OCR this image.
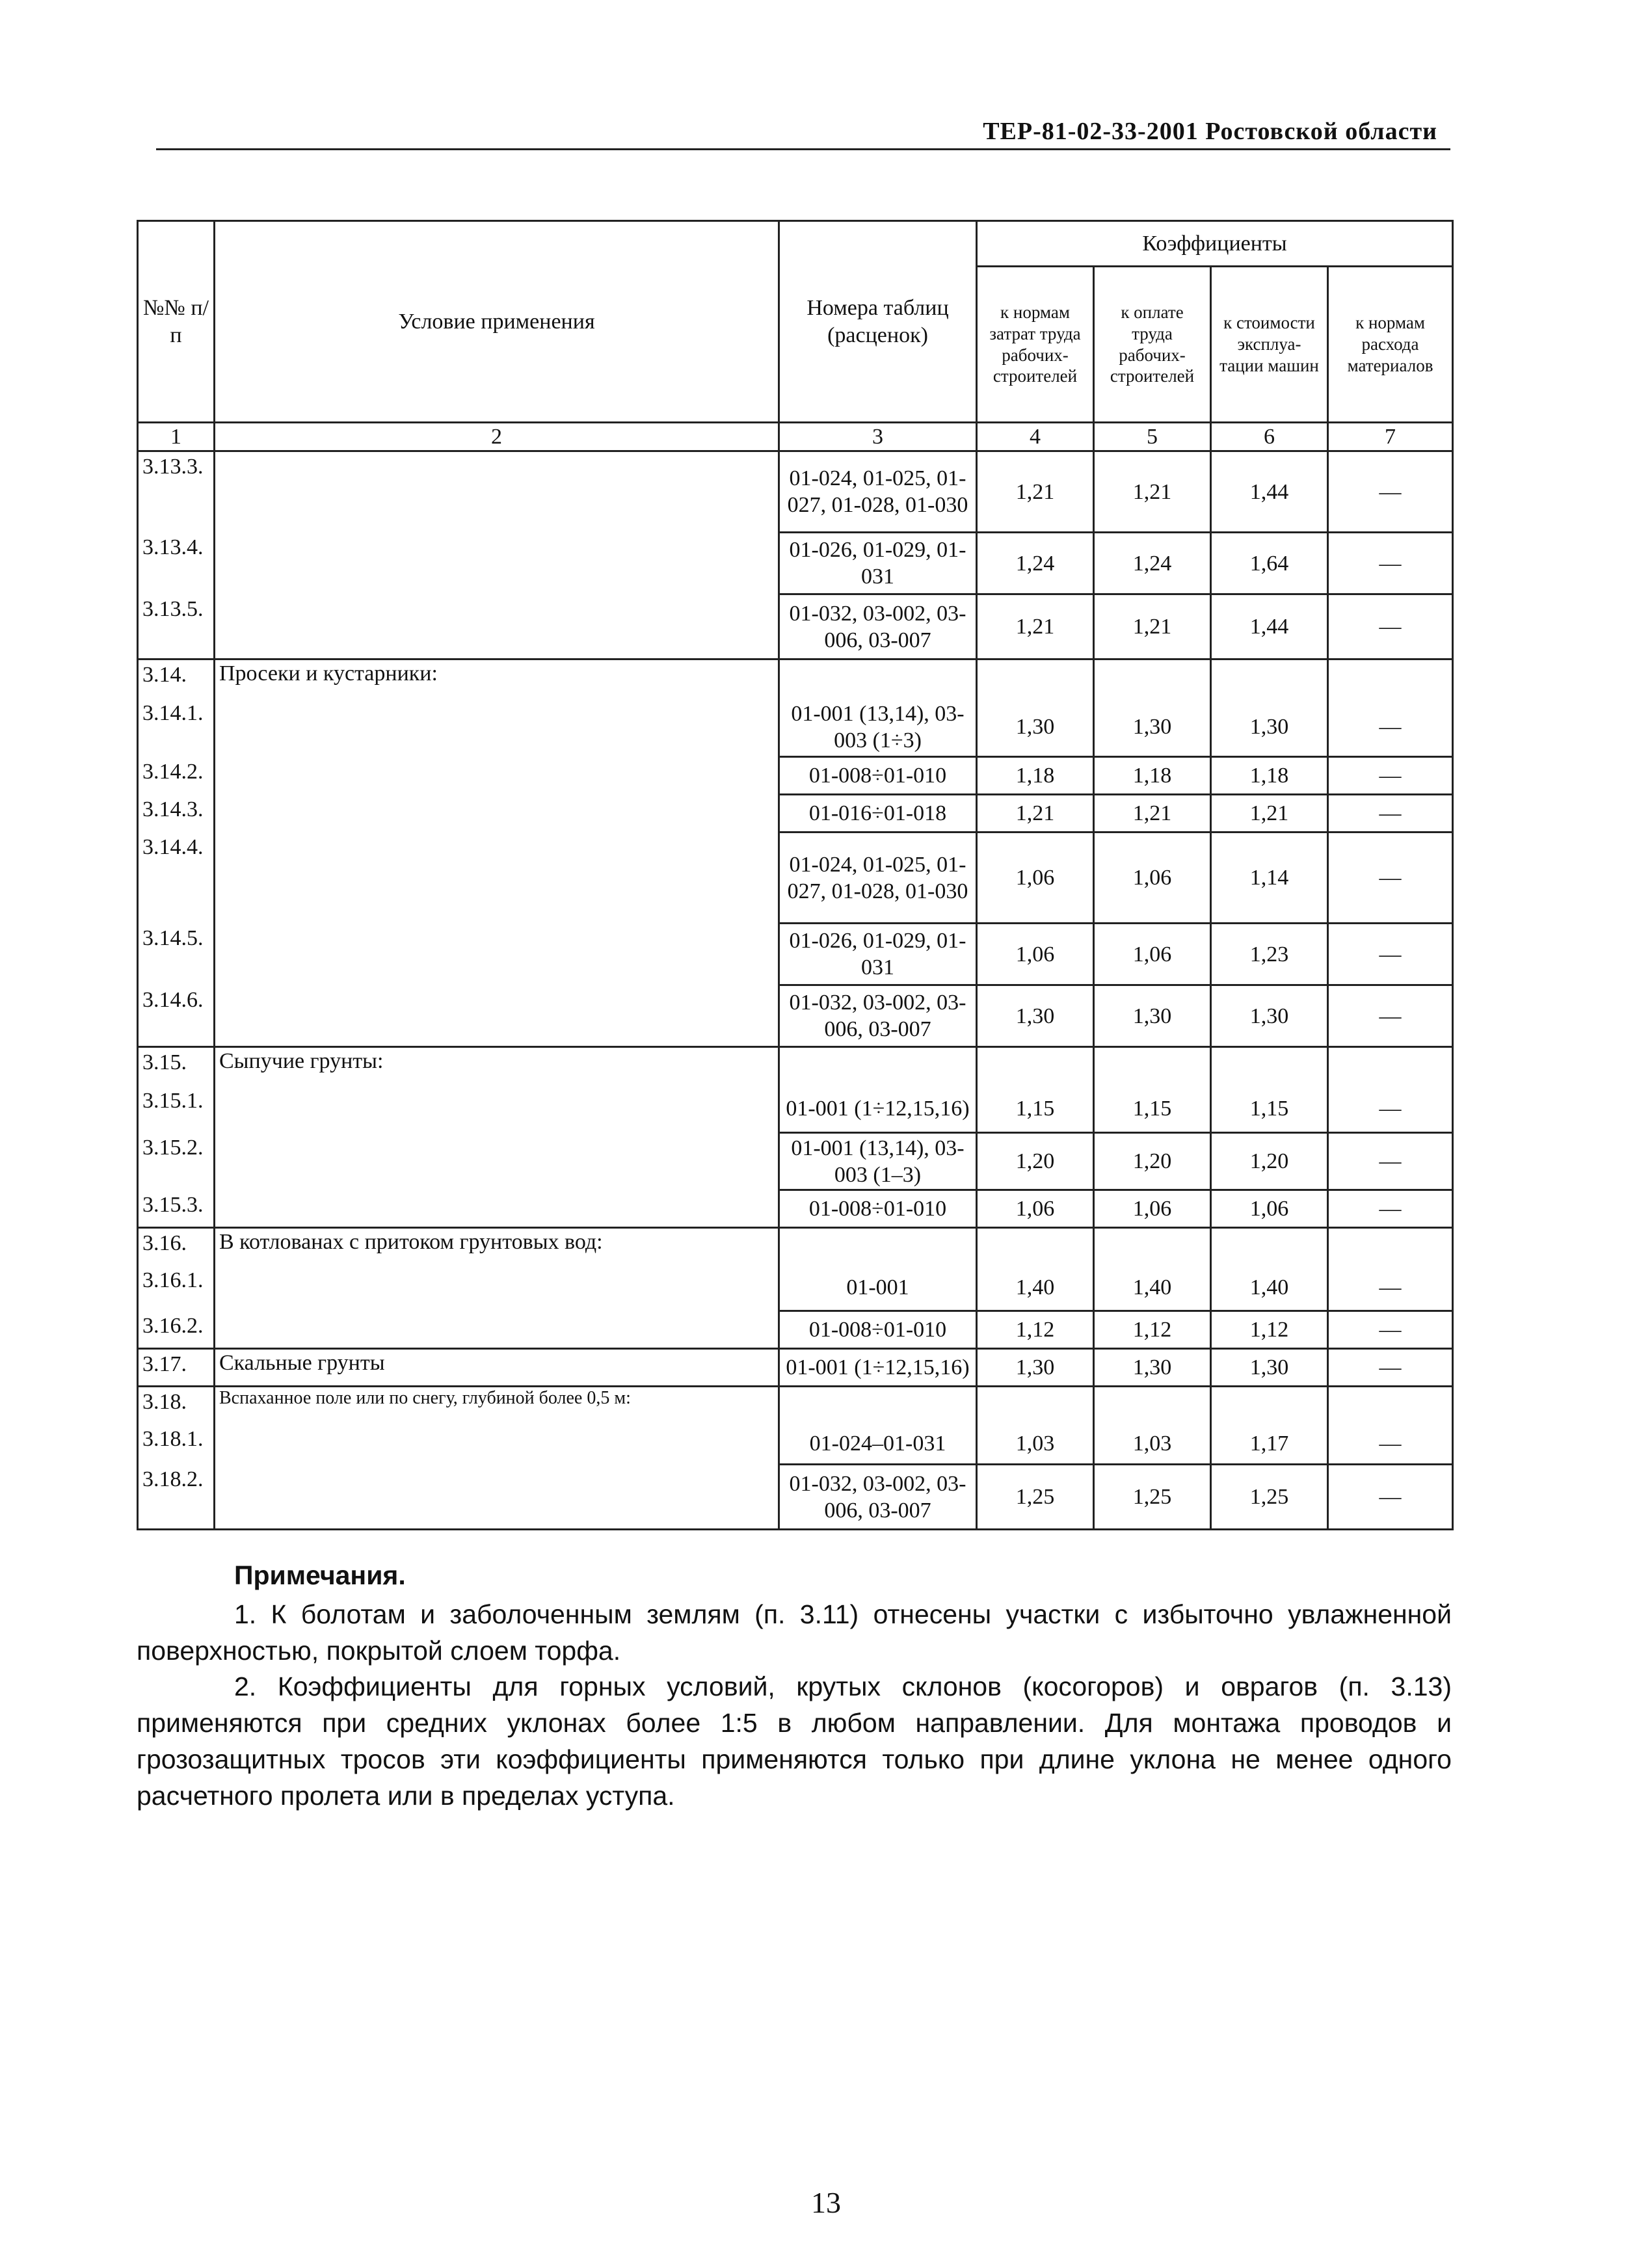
ТЕР-81-02-33-2001 Ростовской области
№№ п/п	Условие применения	Номера таблиц (расценок)	Коэффициенты			
			к нормам затрат труда рабочих-строителей	к оплате труда рабочих-строителей	к стоимости эксплуа-тации машин	к нормам расхода материалов
1	2	3	4	5	6	7
3.13.3.		01-024, 01-025, 01-027, 01-028, 01-030	1,21	1,21	1,44	—
3.13.4.		01-026, 01-029, 01-031	1,24	1,24	1,64	—
3.13.5.		01-032, 03-002, 03-006, 03-007	1,21	1,21	1,44	—
3.14.	Просеки и кустарники:					
3.14.1.		01-001 (13,14), 03-003 (1÷3)	1,30	1,30	1,30	—
3.14.2.		01-008÷01-010	1,18	1,18	1,18	—
3.14.3.		01-016÷01-018	1,21	1,21	1,21	—
3.14.4.		01-024, 01-025, 01-027, 01-028, 01-030	1,06	1,06	1,14	—
3.14.5.		01-026, 01-029, 01-031	1,06	1,06	1,23	—
3.14.6.		01-032, 03-002, 03-006, 03-007	1,30	1,30	1,30	—
3.15.	Сыпучие грунты:					
3.15.1.		01-001 (1÷12,15,16)	1,15	1,15	1,15	—
3.15.2.		01-001 (13,14), 03-003 (1–3)	1,20	1,20	1,20	—
3.15.3.		01-008÷01-010	1,06	1,06	1,06	—
3.16.	В котлованах с притоком грунтовых вод:					
3.16.1.		01-001	1,40	1,40	1,40	—
3.16.2.		01-008÷01-010	1,12	1,12	1,12	—
3.17.	Скальные грунты	01-001 (1÷12,15,16)	1,30	1,30	1,30	—
3.18.	Вспаханное поле или по снегу, глубиной более 0,5 м:					
3.18.1.		01-024–01-031	1,03	1,03	1,17	—
3.18.2.		01-032, 03-002, 03-006, 03-007	1,25	1,25	1,25	—
Примечания.

1. К болотам и заболоченным землям (п. 3.11) отнесены участки с избыточно увлажненной поверхностью, покрытой слоем торфа.

2. Коэффициенты для горных условий, крутых склонов (косогоров) и оврагов (п. 3.13) применяются при средних уклонах более 1:5 в любом направлении. Для монтажа проводов и грозозащитных тросов эти коэффициенты применяются только при длине уклона не менее одного расчетного пролета или в пределах уступа.

13
